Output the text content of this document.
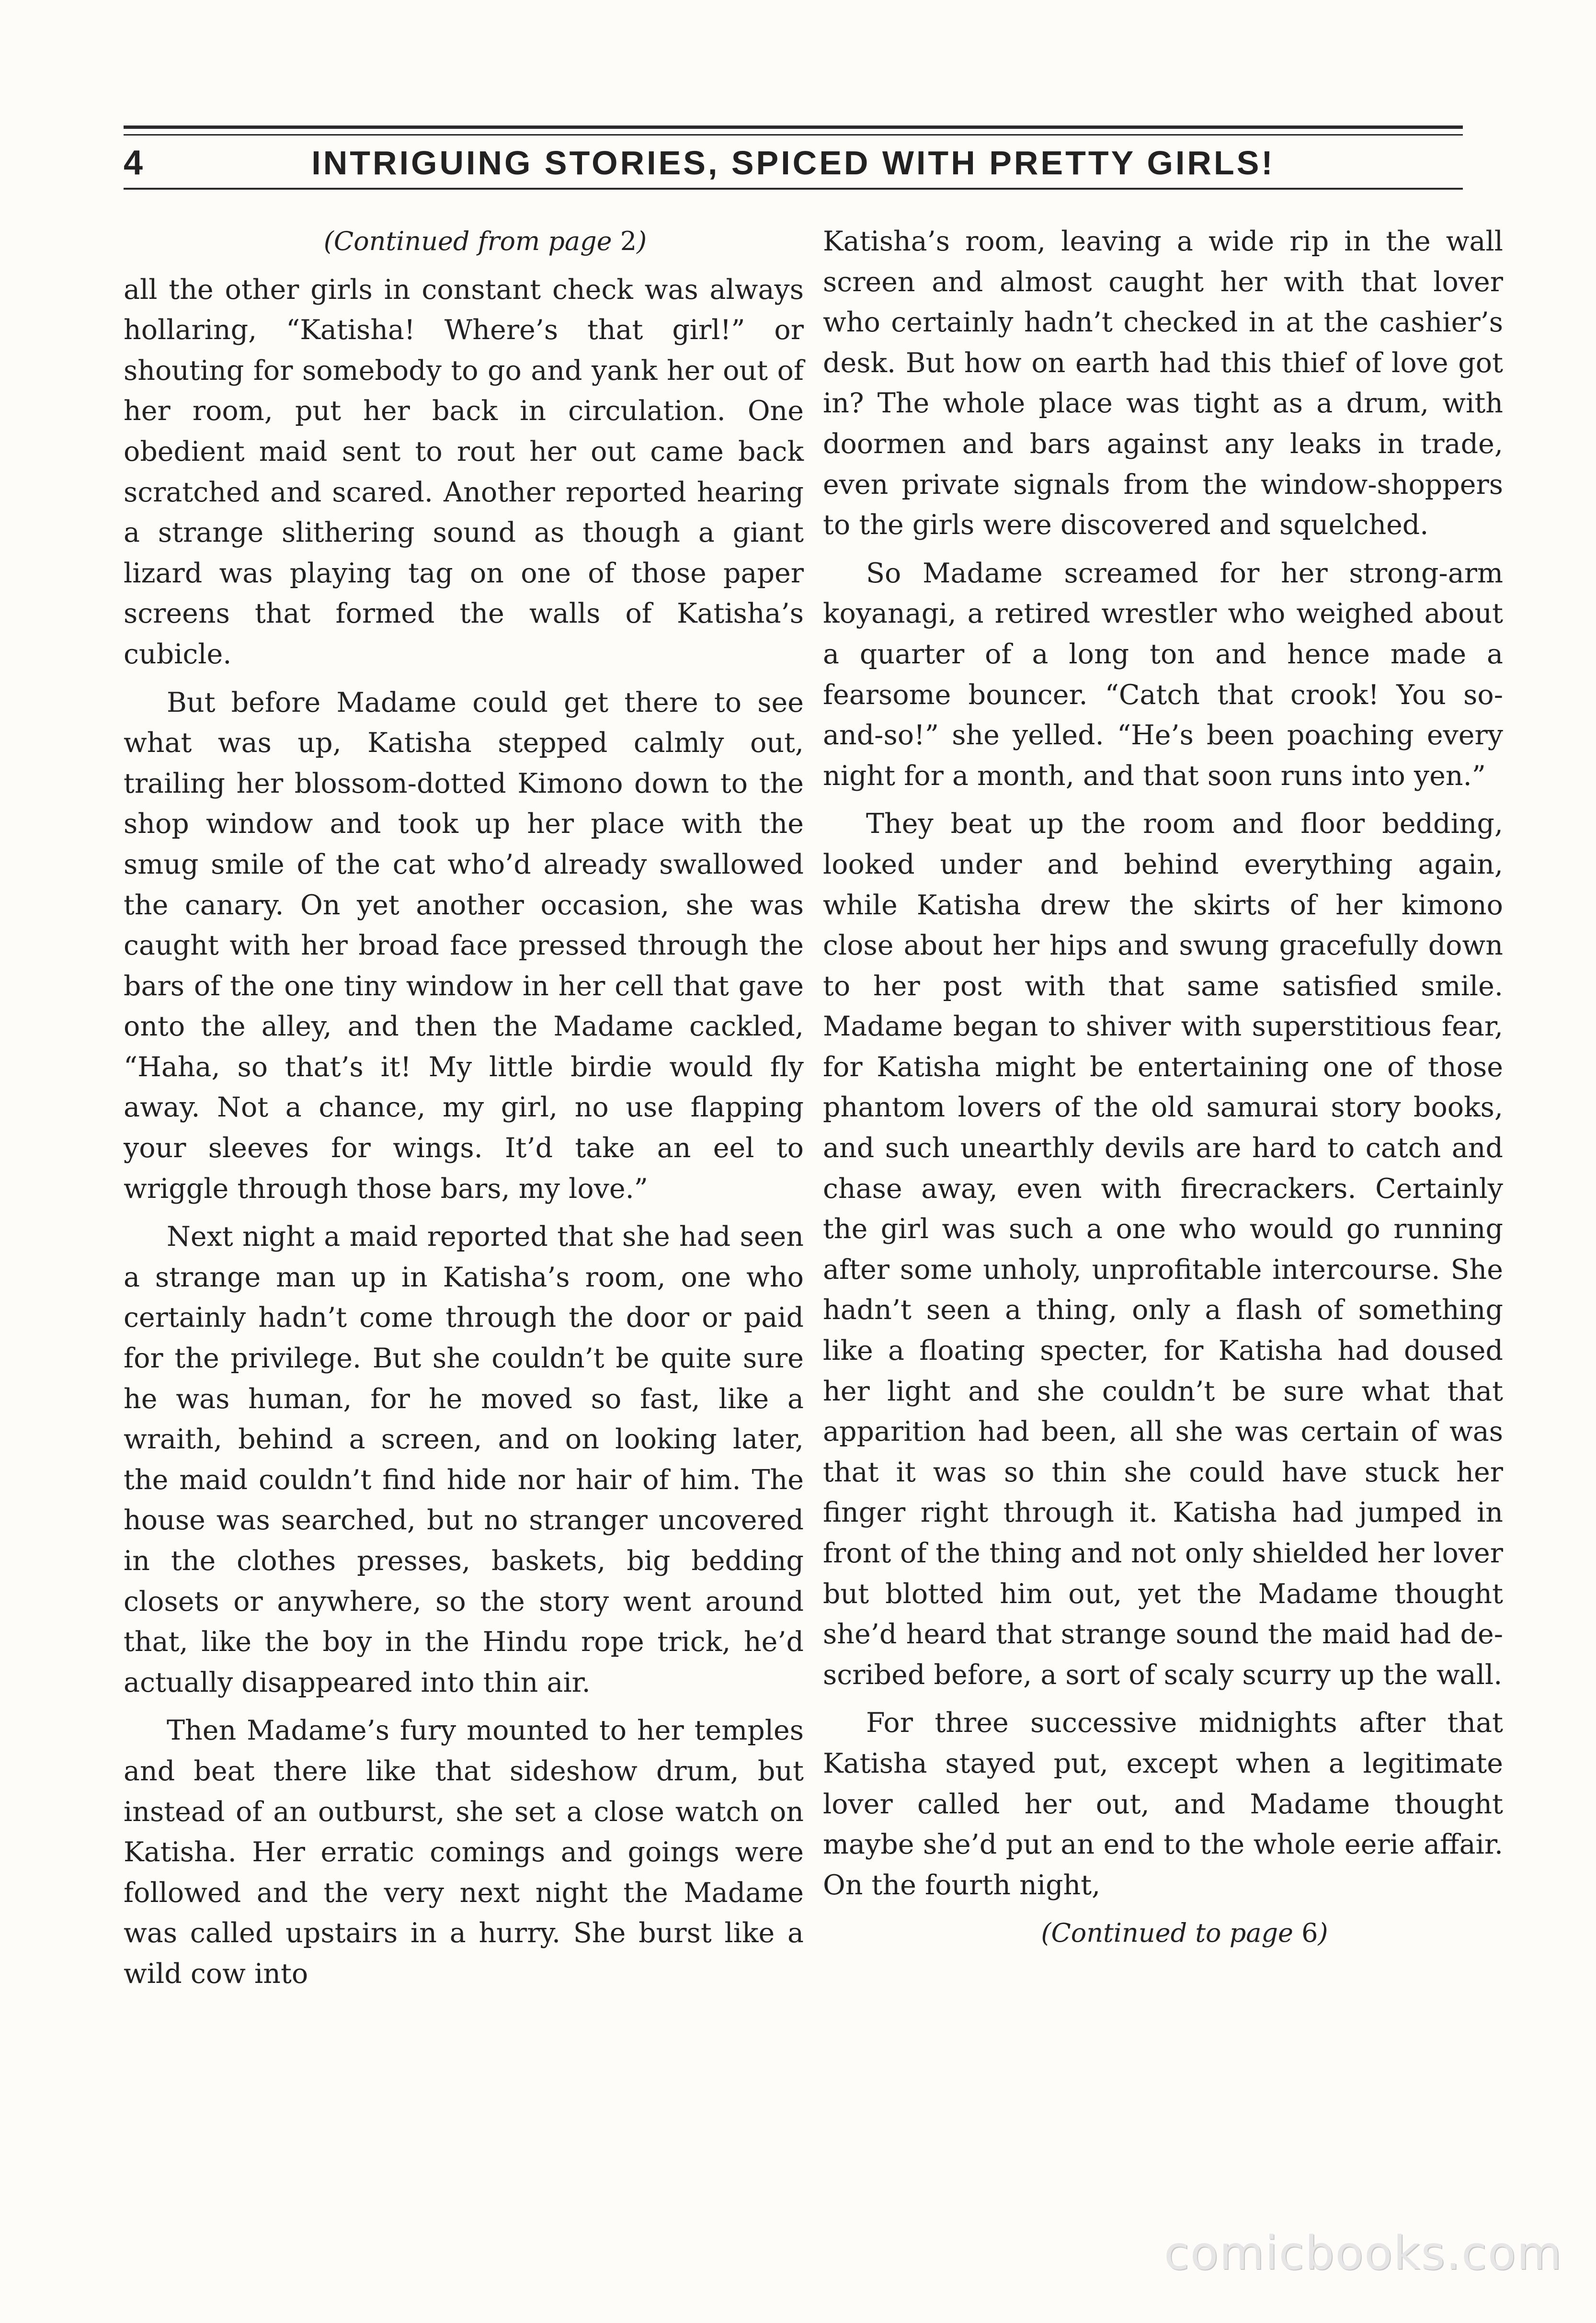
4	INTRIGUING STORIES, SPICED WITH PRETTY GIRLS!

(Continued from page 2)

all the other girls in constant check was always hollaring, “Katisha! Where’s that girl!” or shouting for somebody to go and yank her out of her room, put her back in circulation. One obedient maid sent to rout her out came back scratched and scared. Another reported hearing a strange slithering sound as though a giant lizard was playing tag on one of those paper screens that formed the walls of Katisha’s cubicle.

But before Madame could get there to see what was up, Katisha stepped calmly out, trailing her blossom-dotted Kimono down to the shop window and took up her place with the smug smile of the cat who’d already swallowed the canary. On yet another occasion, she was caught with her broad face pressed through the bars of the one tiny window in her cell that gave onto the alley, and then the Madame cackled, “Haha, so that’s it! My little birdie would fly away. Not a chance, my girl, no use flapping your sleeves for wings. It’d take an eel to wriggle through those bars, my love.”

Next night a maid reported that she had seen a strange man up in Katisha’s room, one who certainly hadn’t come through the door or paid for the privilege. But she couldn’t be quite sure he was human, for he moved so fast, like a wraith, behind a screen, and on looking later, the maid couldn’t find hide nor hair of him. The house was searched, but no stranger uncovered in the clothes presses, baskets, big bedding closets or anywhere, so the story went around that, like the boy in the Hindu rope trick, he’d actually disappeared into thin air.

Then Madame’s fury mounted to her temples and beat there like that sideshow drum, but instead of an outburst, she set a close watch on Katisha. Her erratic comings and goings were followed and the very next night the Madame was called upstairs in a hurry. She burst like a wild cow into

Katisha’s room, leaving a wide rip in the wall screen and almost caught her with that lover who certainly hadn’t checked in at the cashier’s desk. But how on earth had this thief of love got in? The whole place was tight as a drum, with doormen and bars against any leaks in trade, even private signals from the window-shoppers to the girls were discovered and squelched.

So Madame screamed for her strong-arm koyanagi, a retired wrestler who weighed about a quarter of a long ton and hence made a fearsome bouncer. “Catch that crook! You so-and-so!” she yelled. “He’s been poaching every night for a month, and that soon runs into yen.”

They beat up the room and floor bedding, looked under and behind everything again, while Katisha drew the skirts of her kimono close about her hips and swung gracefully down to her post with that same satisfied smile. Madame began to shiver with superstitious fear, for Katisha might be entertaining one of those phantom lovers of the old samurai story books, and such unearthly devils are hard to catch and chase away, even with firecrackers. Certainly the girl was such a one who would go running after some unholy, unprofitable intercourse. She hadn’t seen a thing, only a flash of something like a floating specter, for Katisha had doused her light and she couldn’t be sure what that apparition had been, all she was certain of was that it was so thin she could have stuck her finger right through it. Katisha had jumped in front of the thing and not only shielded her lover but blotted him out, yet the Madame thought she’d heard that strange sound the maid had described before, a sort of scaly scurry up the wall.

For three successive midnights after that Katisha stayed put, except when a legitimate lover called her out, and Madame thought maybe she’d put an end to the whole eerie affair. On the fourth night,

(Continued to page 6)

comicbooks.com
